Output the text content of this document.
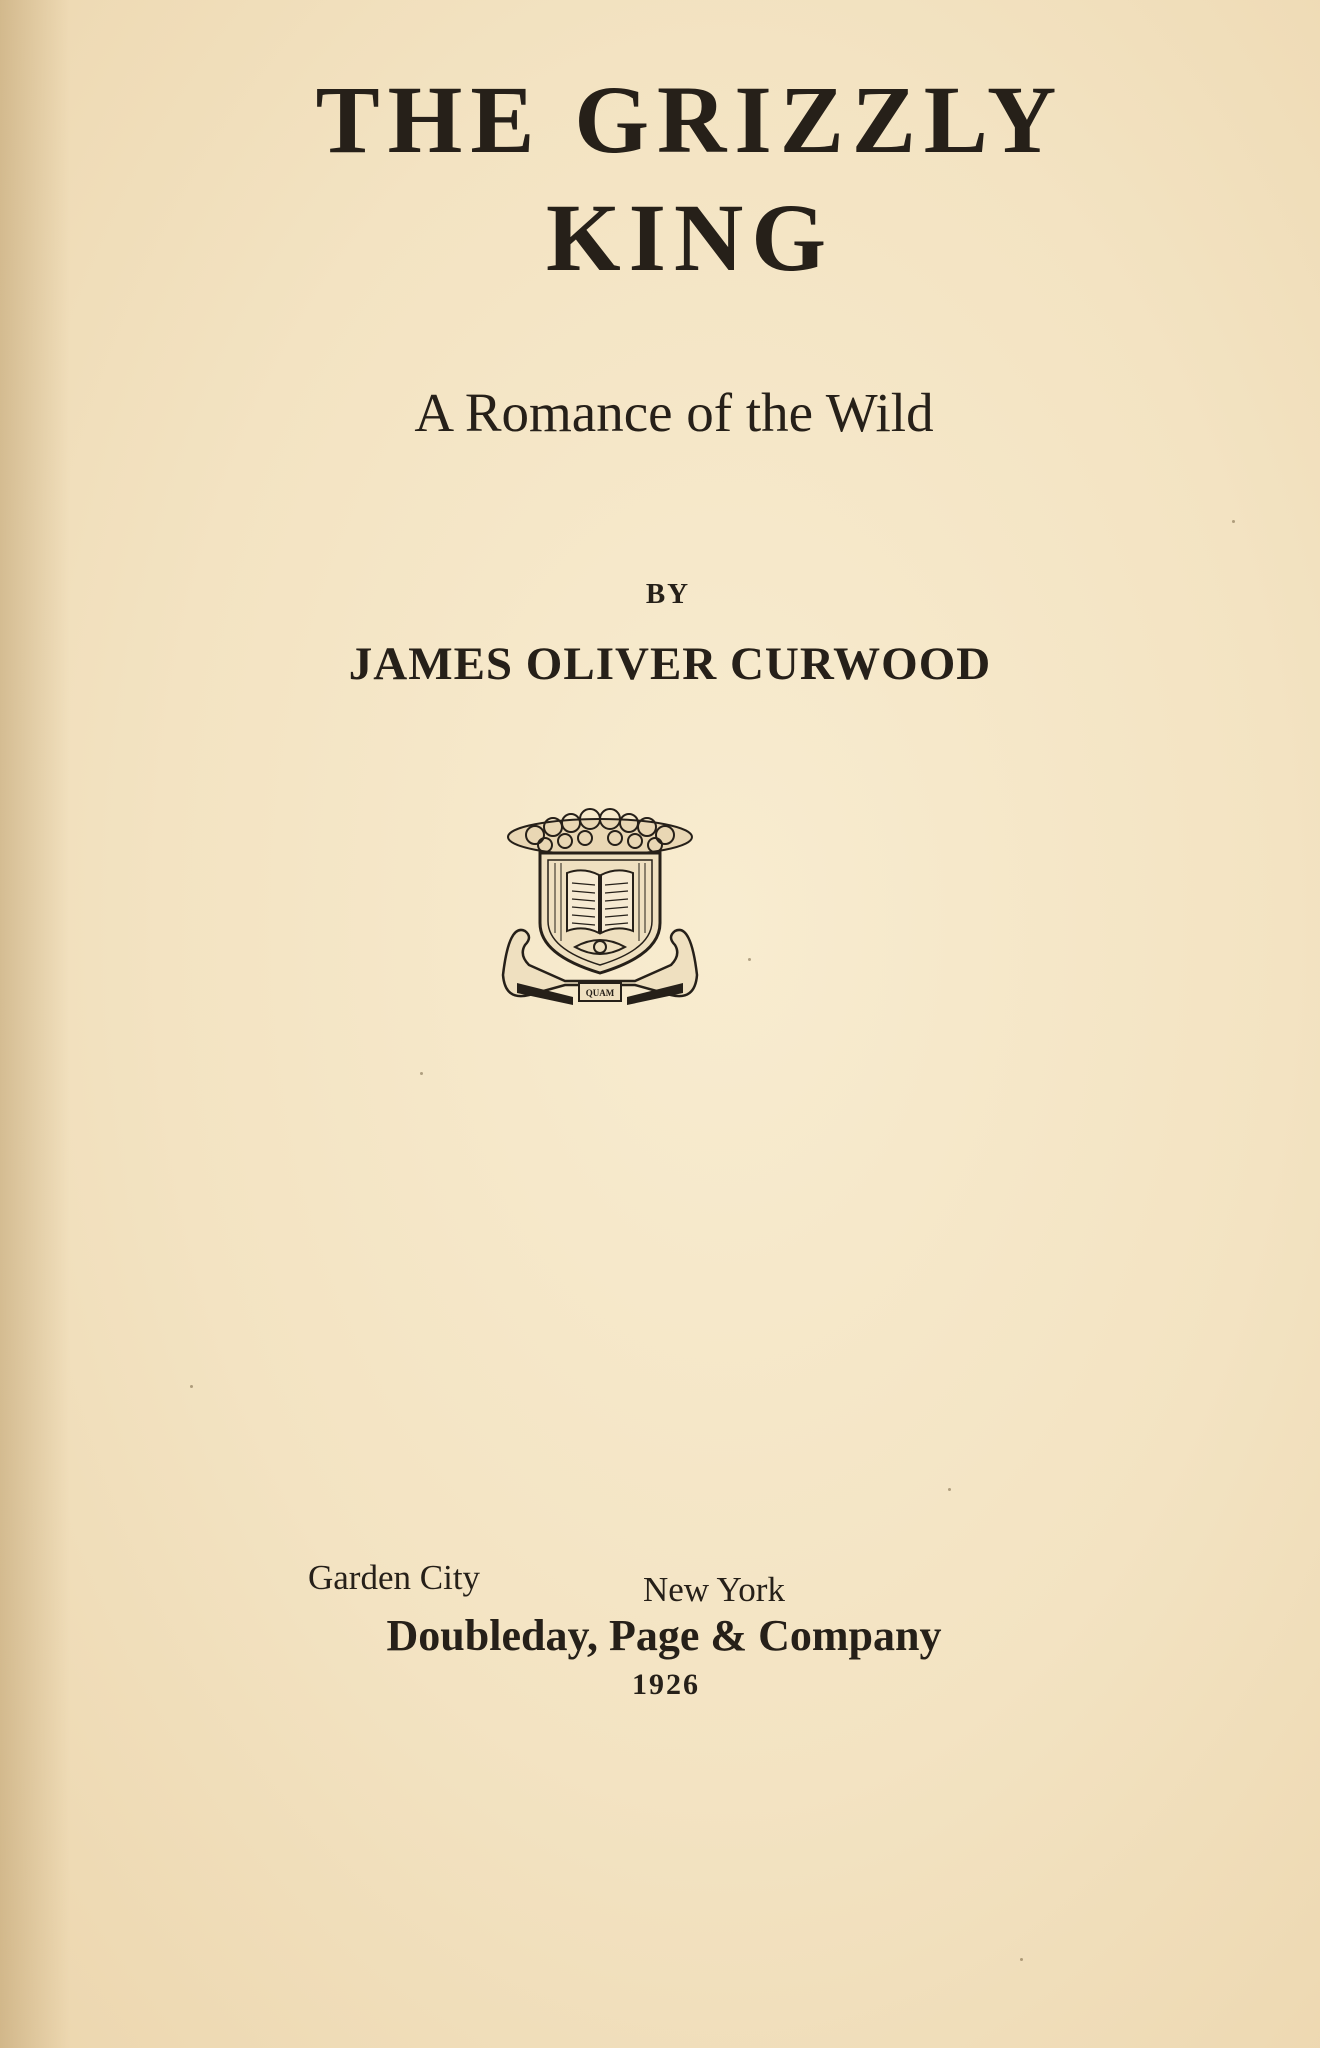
THE GRIZZLY
KING

A Romance of the Wild

BY

JAMES OLIVER CURWOOD

QUAM
Garden City	New York

Doubleday, Page & Company

1926
